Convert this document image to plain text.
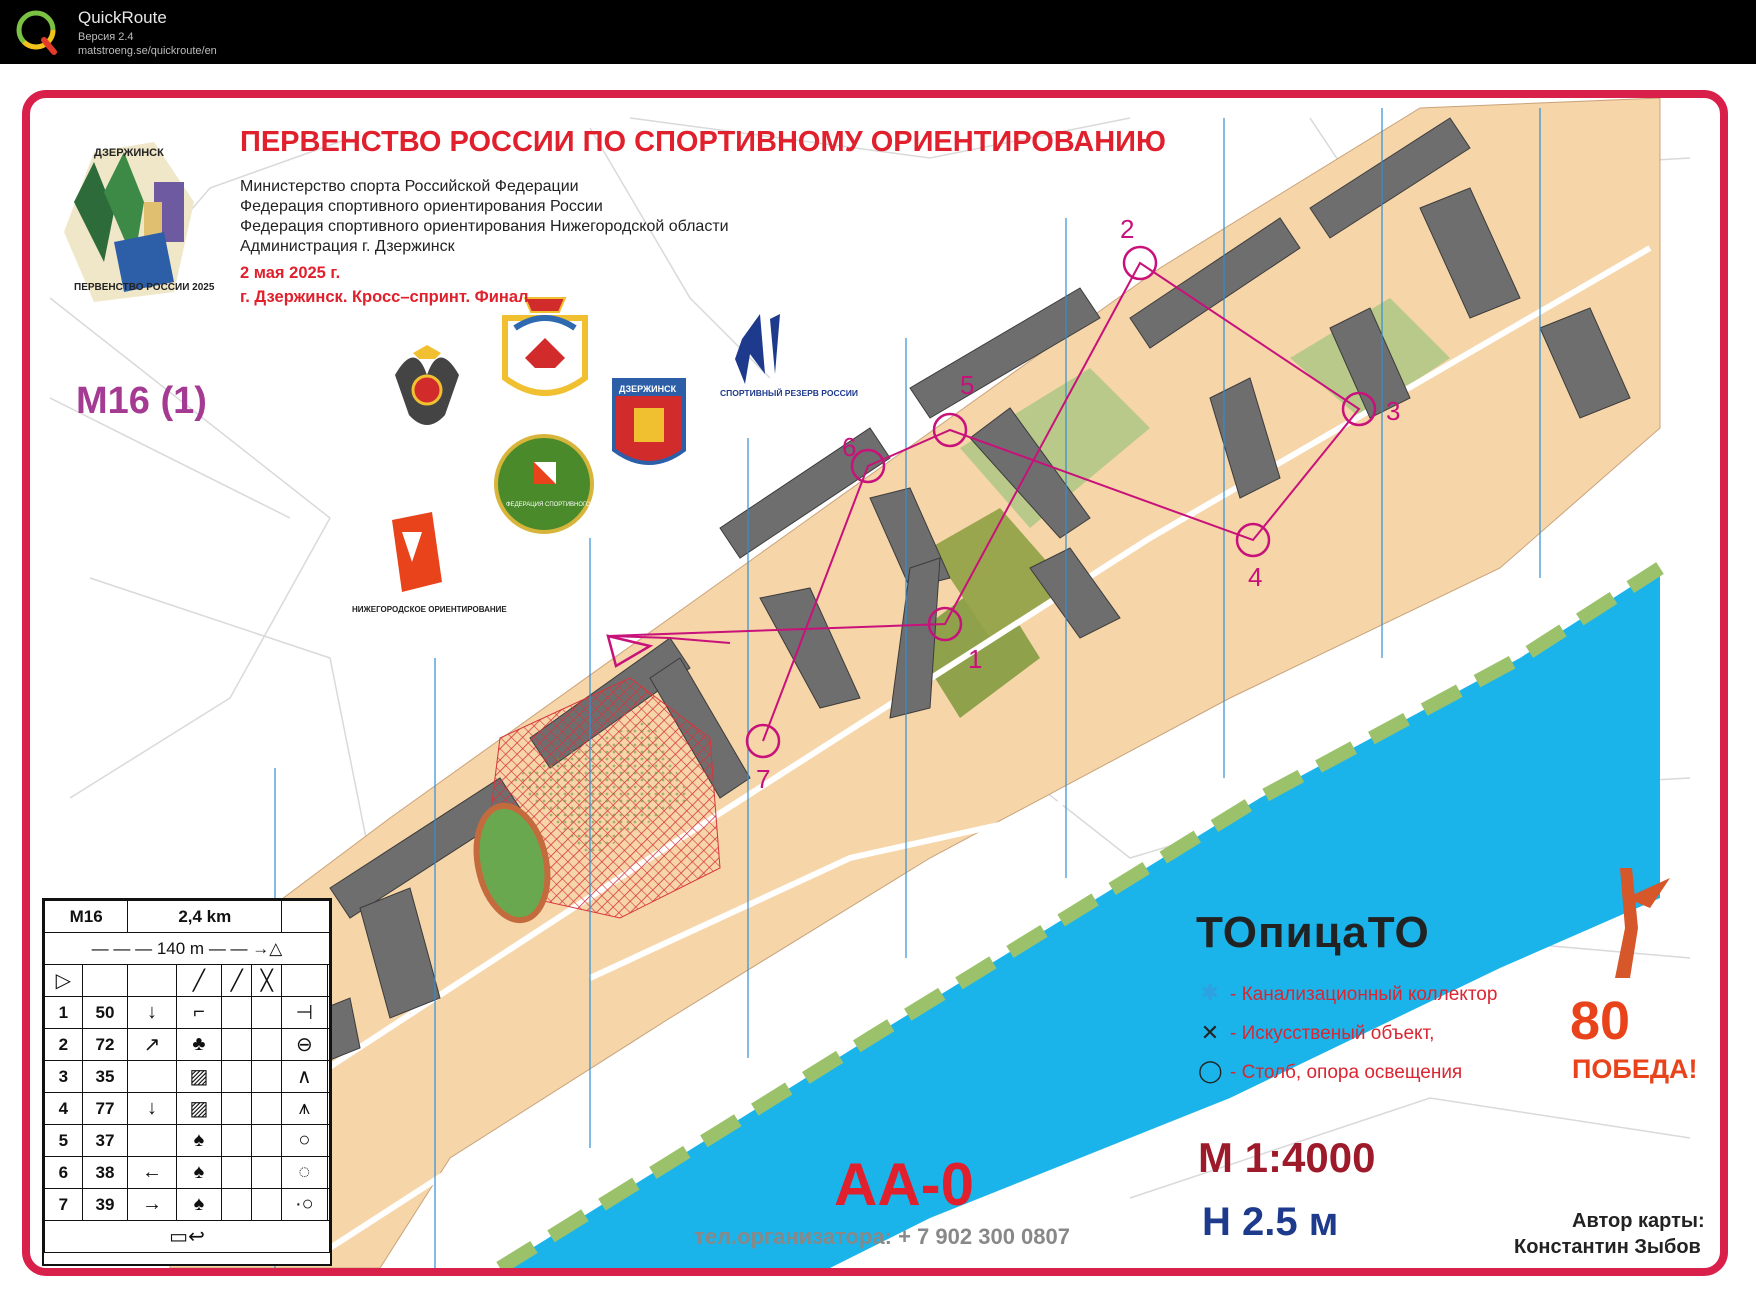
QuickRoute
Версия 2.4
matstroeng.se/quickroute/en
1
2
3
4
5
6
7
ПЕРВЕНСТВО РОССИИ 2025
ДЗЕРЖИНСК
ДЗЕРЖИНСК	СПОРТИВНЫЙ РЕЗЕРВ РОССИИ
ФЕДЕРАЦИЯ СПОРТИВНОГО ОРИЕНТИРОВАНИЯ РОССИИ
НИЖЕГОРОДСКОЕ ОРИЕНТИРОВАНИЕ
ПЕРВЕНСТВО РОССИИ ПО СПОРТИВНОМУ ОРИЕНТИРОВАНИЮ
Министерство спорта Российской Федерации
Федерация спортивного ориентирования России
Федерация спортивного ориентирования Нижегородской области
Администрация г. Дзержинск
2 мая 2025 г.
г. Дзержинск. Кросс–спринт. Финал.
М16 (1)
М16		2,4 km					
— — — 140 m — — →△							
▷			╱	╱	╳		
1	50	↓	⌐			⊣	
2	72	↗	♣			⊖	
3	35		▨			∧	
4	77	↓	▨			⩚	
5	37		♠			○	
6	38	←	♠			◌	
7	39	→	♠			·○	
▭↩							
ТОпицаТО
✱ - Канализационный коллектор
✕ - Искусственый объект,
◯ - Столб, опора освещения
АА-0
тел.организатора: + 7 902 300 0807
М 1:4000
Н 2.5 м	Автор карты:
Константин Зыбов
80
ПОБЕДА!
